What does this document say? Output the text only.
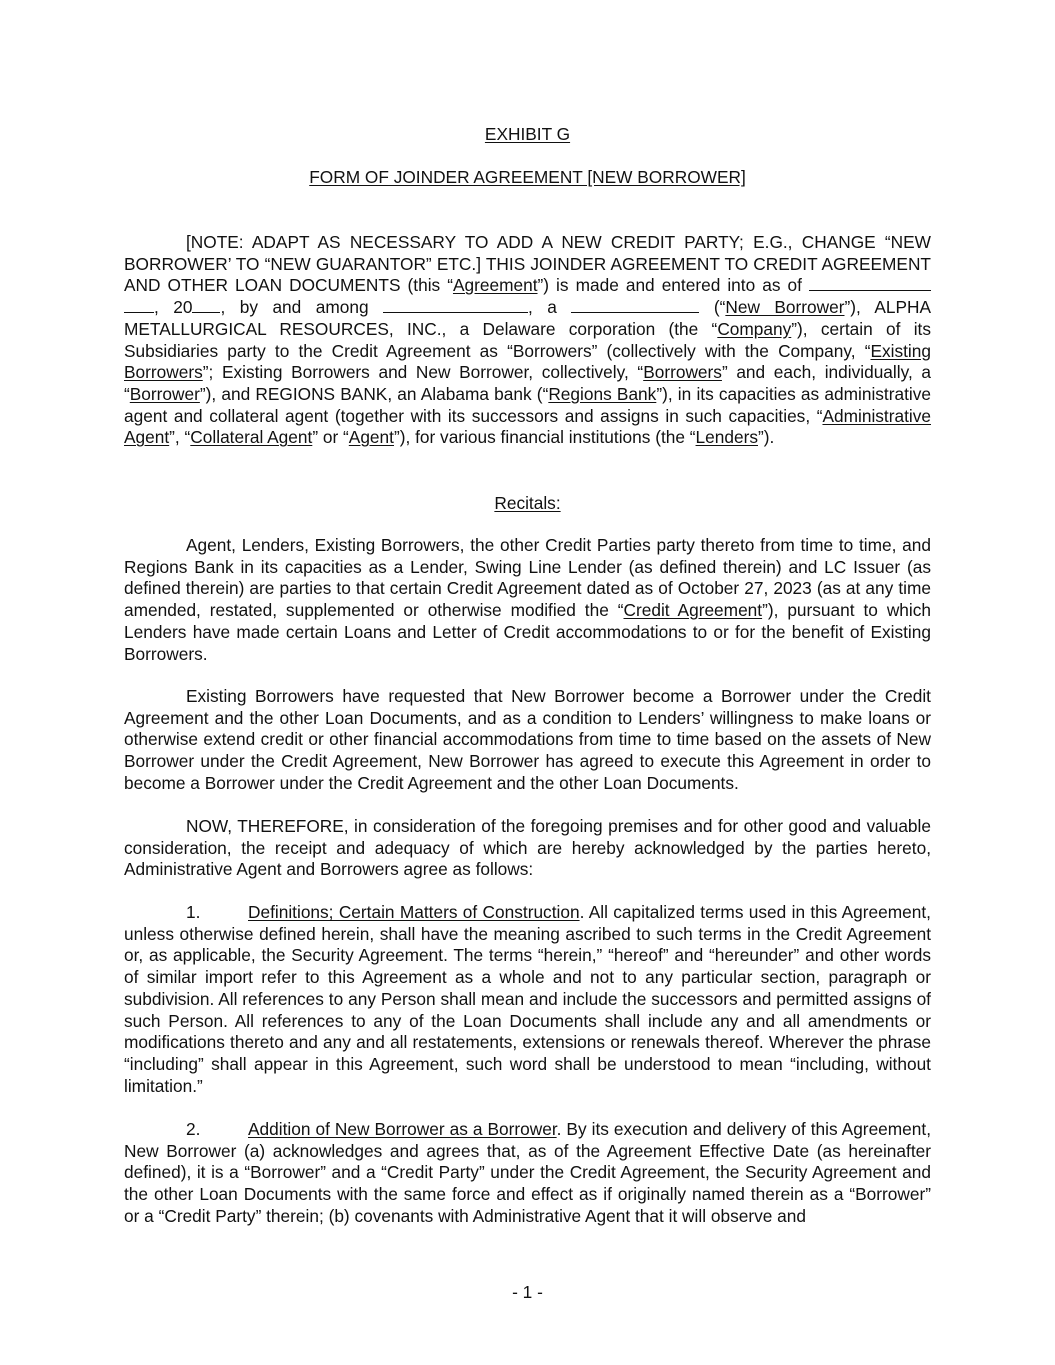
EXHIBIT G
FORM OF JOINDER AGREEMENT [NEW BORROWER]

[NOTE: ADAPT AS NECESSARY TO ADD A NEW CREDIT PARTY; E.G., CHANGE “NEW BORROWER’ TO “NEW GUARANTOR” ETC.] THIS JOINDER AGREEMENT TO CREDIT AGREEMENT AND OTHER LOAN DOCUMENTS (this “Agreement”) is made and entered into as of  , 20 , by and among	, a	(“New Borrower”), ALPHA METALLURGICAL RESOURCES, INC., a Delaware corporation (the “Company”), certain of its Subsidiaries party to the Credit Agreement as “Borrowers” (collectively with the Company, “Existing Borrowers”; Existing Borrowers and New Borrower, collectively, “Borrowers” and each, individually, a “Borrower”), and REGIONS BANK, an Alabama bank (“Regions Bank”), in its capacities as administrative agent and collateral agent (together with its successors and assigns in such capacities, “Administrative Agent”, “Collateral Agent” or “Agent”), for various financial institutions (the “Lenders”).

Recitals:

Agent, Lenders, Existing Borrowers, the other Credit Parties party thereto from time to time, and Regions Bank in its capacities as a Lender, Swing Line Lender (as defined therein) and LC Issuer (as defined therein) are parties to that certain Credit Agreement dated as of October 27, 2023 (as at any time amended, restated, supplemented or otherwise modified the “Credit Agreement”), pursuant to which Lenders have made certain Loans and Letter of Credit accommodations to or for the benefit of Existing Borrowers.

Existing Borrowers have requested that New Borrower become a Borrower under the Credit Agreement and the other Loan Documents, and as a condition to Lenders’ willingness to make loans or otherwise extend credit or other financial accommodations from time to time based on the assets of New Borrower under the Credit Agreement, New Borrower has agreed to execute this Agreement in order to become a Borrower under the Credit Agreement and the other Loan Documents.

NOW, THEREFORE, in consideration of the foregoing premises and for other good and valuable consideration, the receipt and adequacy of which are hereby acknowledged by the parties hereto, Administrative Agent and Borrowers agree as follows:

1.	Definitions; Certain Matters of Construction. All capitalized terms used in this Agreement, unless otherwise defined herein, shall have the meaning ascribed to such terms in the Credit Agreement or, as applicable, the Security Agreement. The terms “herein,” “hereof” and “hereunder” and other words of similar import refer to this Agreement as a whole and not to any particular section, paragraph or subdivision. All references to any Person shall mean and include the successors and permitted assigns of such Person. All references to any of the Loan Documents shall include any and all amendments or modifications thereto and any and all restatements, extensions or renewals thereof. Wherever the phrase “including” shall appear in this Agreement, such word shall be understood to mean “including, without limitation.”

2.	Addition of New Borrower as a Borrower. By its execution and delivery of this Agreement, New Borrower (a) acknowledges and agrees that, as of the Agreement Effective Date (as hereinafter defined), it is a “Borrower” and a “Credit Party” under the Credit Agreement, the Security Agreement and the other Loan Documents with the same force and effect as if originally named therein as a “Borrower” or a “Credit Party” therein; (b) covenants with Administrative Agent that it will observe and

- 1 -
